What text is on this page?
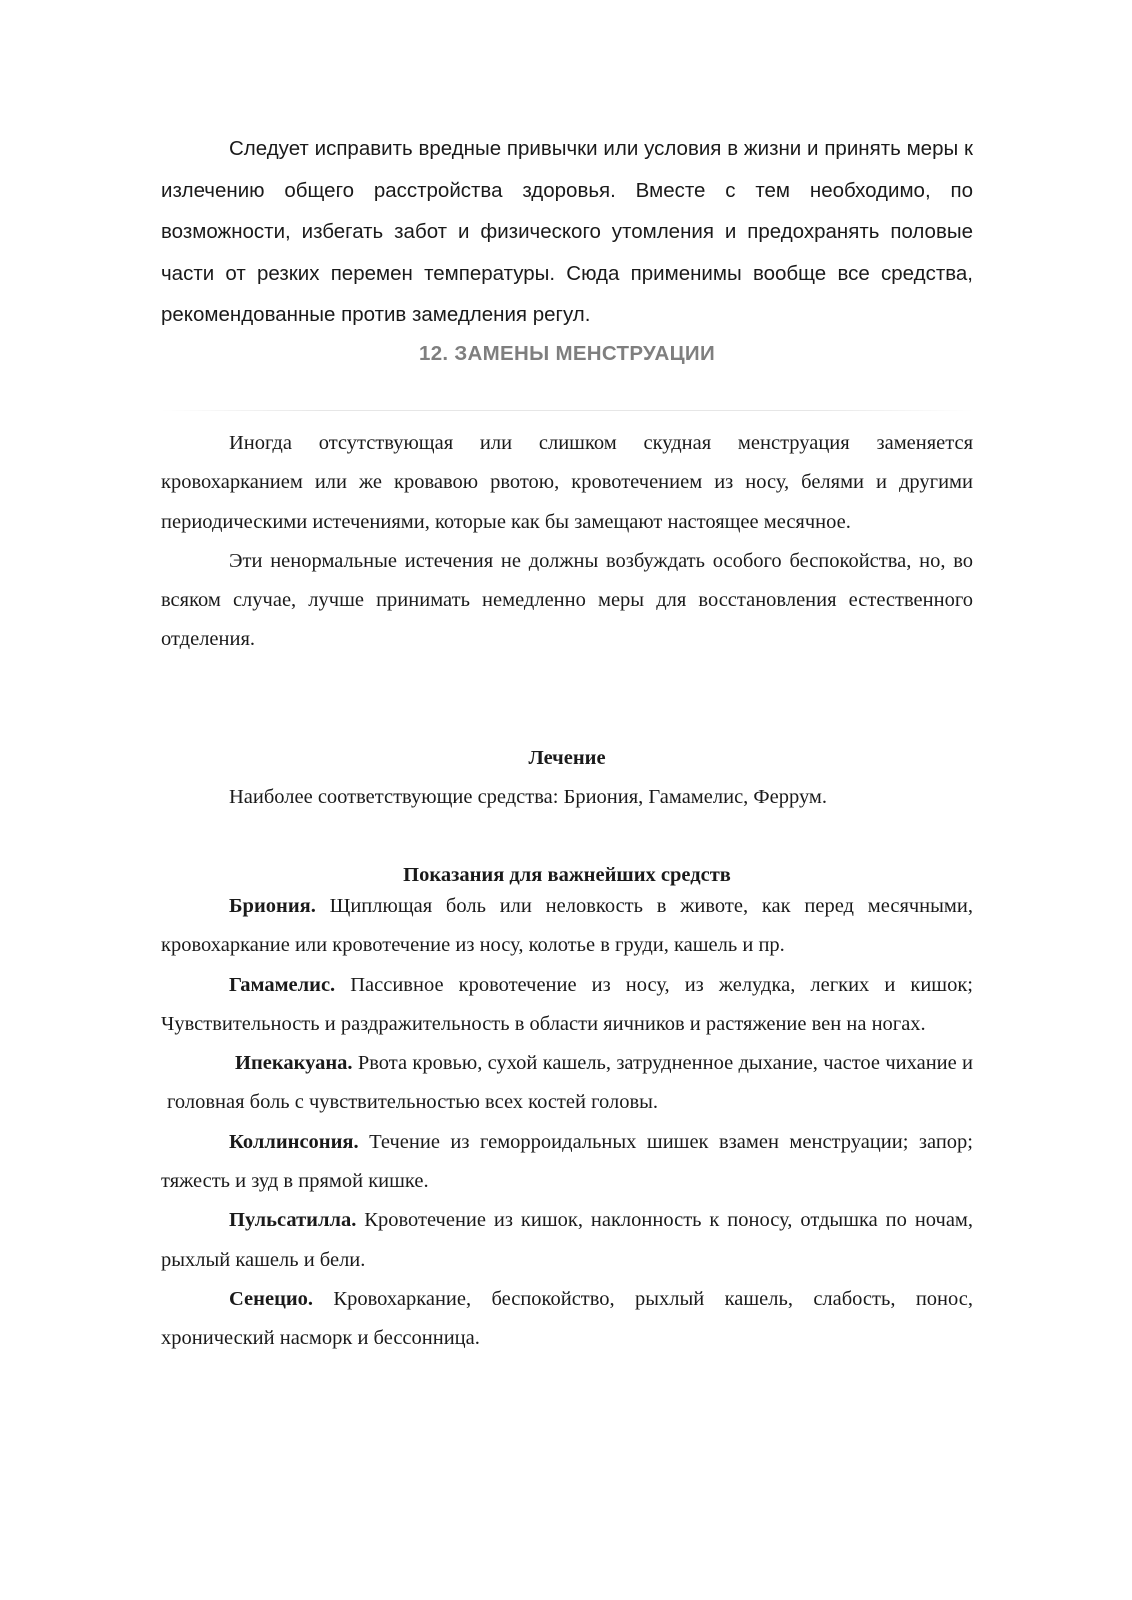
Следует исправить вредные привычки или условия в жизни и принять меры к излечению общего расстройства здоровья. Вместе с тем необходимо, по возможности, избегать забот и физического утомления и предохранять половые части от резких перемен температуры. Сюда применимы вообще все средства, рекомендованные против замедления регул.

12. ЗАМЕНЫ МЕНСТРУАЦИИ

Иногда отсутствующая или слишком скудная менструация заменяется кровохарканием или же кровавою рвотою, кровотечением из носу, белями и другими периодическими истечениями, которые как бы замещают настоящее месячное.

Эти ненормальные истечения не должны возбуждать особого беспокойства, но, во всяком случае, лучше принимать немедленно меры для восстановления естественного отделения.

Лечение
Наиболее соответствующие средства: Бриония, Гамамелис, Феррум.
Показания для важнейших средств

Бриония. Щиплющая боль или неловкость в животе, как перед месячными, кровохаркание или кровотечение из носу, колотье в груди, кашель и пр.

Гамамелис. Пассивное кровотечение из носу, из желудка, легких и кишок; Чувствительность и раздражительность в области яичников и растяжение вен на ногах.

Ипекакуана. Рвота кровью, сухой кашель, затрудненное дыхание, частое чихание и головная боль с чувствительностью всех костей головы.

Коллинсония. Течение из геморроидальных шишек взамен менструации; запор; тяжесть и зуд в прямой кишке.

Пульсатилла. Кровотечение из кишок, наклонность к поносу, отдышка по ночам, рыхлый кашель и бели.

Сенецио. Кровохаркание, беспокойство, рыхлый кашель, слабость, понос, хронический насморк и бессонница.
